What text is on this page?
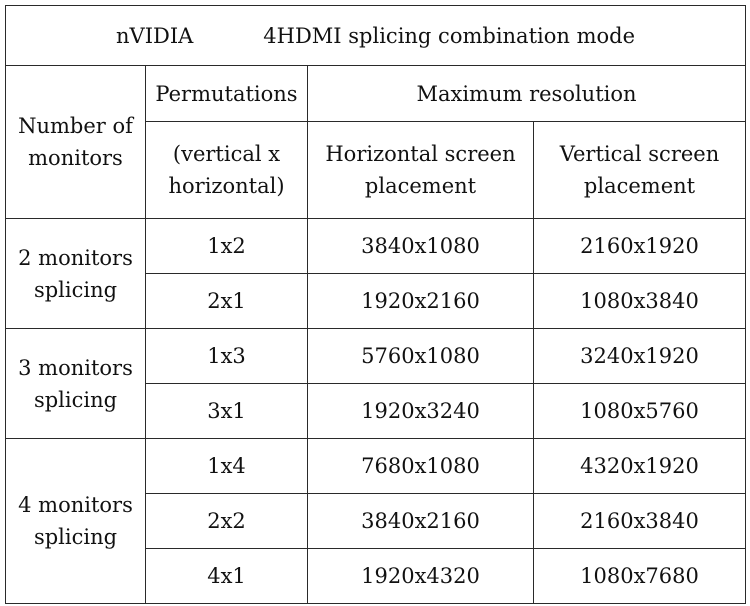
nVIDIA 4HDMI splicing combination mode			

Number of monitors	Permutations	Maximum resolution	
	(vertical x horizontal)	Horizontal screen placement	Vertical screen placement
2 monitors splicing	1x2	3840x1080	2160x1920
	2x1	1920x2160	1080x3840
3 monitors splicing	1x3	5760x1080	3240x1920
	3x1	1920x3240	1080x5760
4 monitors splicing	1x4	7680x1080	4320x1920
	2x2	3840x2160	2160x3840
	4x1	1920x4320	1080x7680
